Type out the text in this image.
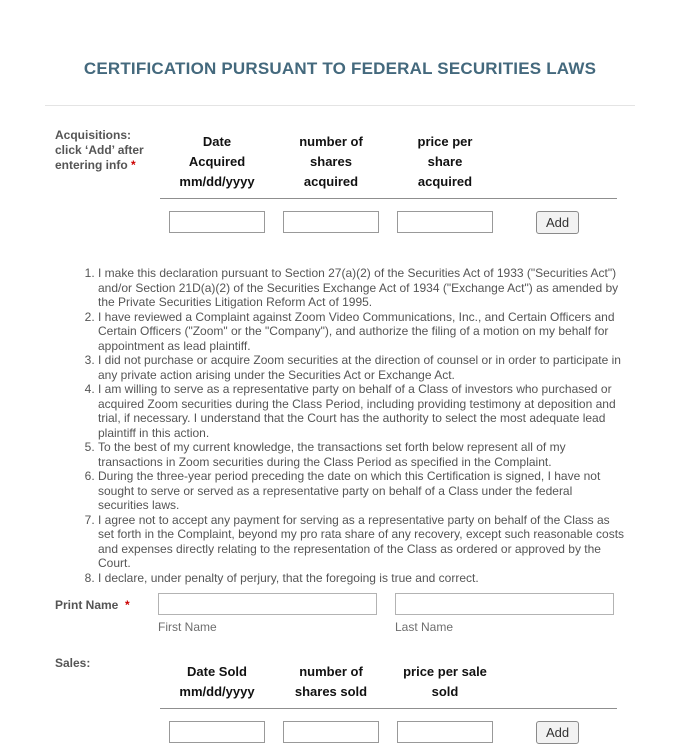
CERTIFICATION PURSUANT TO FEDERAL SECURITIES LAWS
Acquisitions:
click ‘Add’ after
entering info *
Date
Acquired
mm/dd/yyyy
number of
shares
acquired
price per
share
acquired
Add
1. I make this declaration pursuant to Section 27(a)(2) of the Securities Act of 1933 ("Securities Act") and/or Section 21D(a)(2) of the Securities Exchange Act of 1934 ("Exchange Act") as amended by the Private Securities Litigation Reform Act of 1995.
2. I have reviewed a Complaint against Zoom Video Communications, Inc., and Certain Officers and Certain Officers ("Zoom" or the "Company"), and authorize the filing of a motion on my behalf for appointment as lead plaintiff.
3. I did not purchase or acquire Zoom securities at the direction of counsel or in order to participate in any private action arising under the Securities Act or Exchange Act.
4. I am willing to serve as a representative party on behalf of a Class of investors who purchased or acquired Zoom securities during the Class Period, including providing testimony at deposition and trial, if necessary. I understand that the Court has the authority to select the most adequate lead plaintiff in this action.
5. To the best of my current knowledge, the transactions set forth below represent all of my transactions in Zoom securities during the Class Period as specified in the Complaint.
6. During the three-year period preceding the date on which this Certification is signed, I have not sought to serve or served as a representative party on behalf of a Class under the federal securities laws.
7. I agree not to accept any payment for serving as a representative party on behalf of the Class as set forth in the Complaint, beyond my pro rata share of any recovery, except such reasonable costs and expenses directly relating to the representation of the Class as ordered or approved by the Court.
8. I declare, under penalty of perjury, that the foregoing is true and correct.
Print Name *
First Name	Last Name
Sales:
Date Sold
mm/dd/yyyy
number of
shares sold
price per sale
sold
Add
